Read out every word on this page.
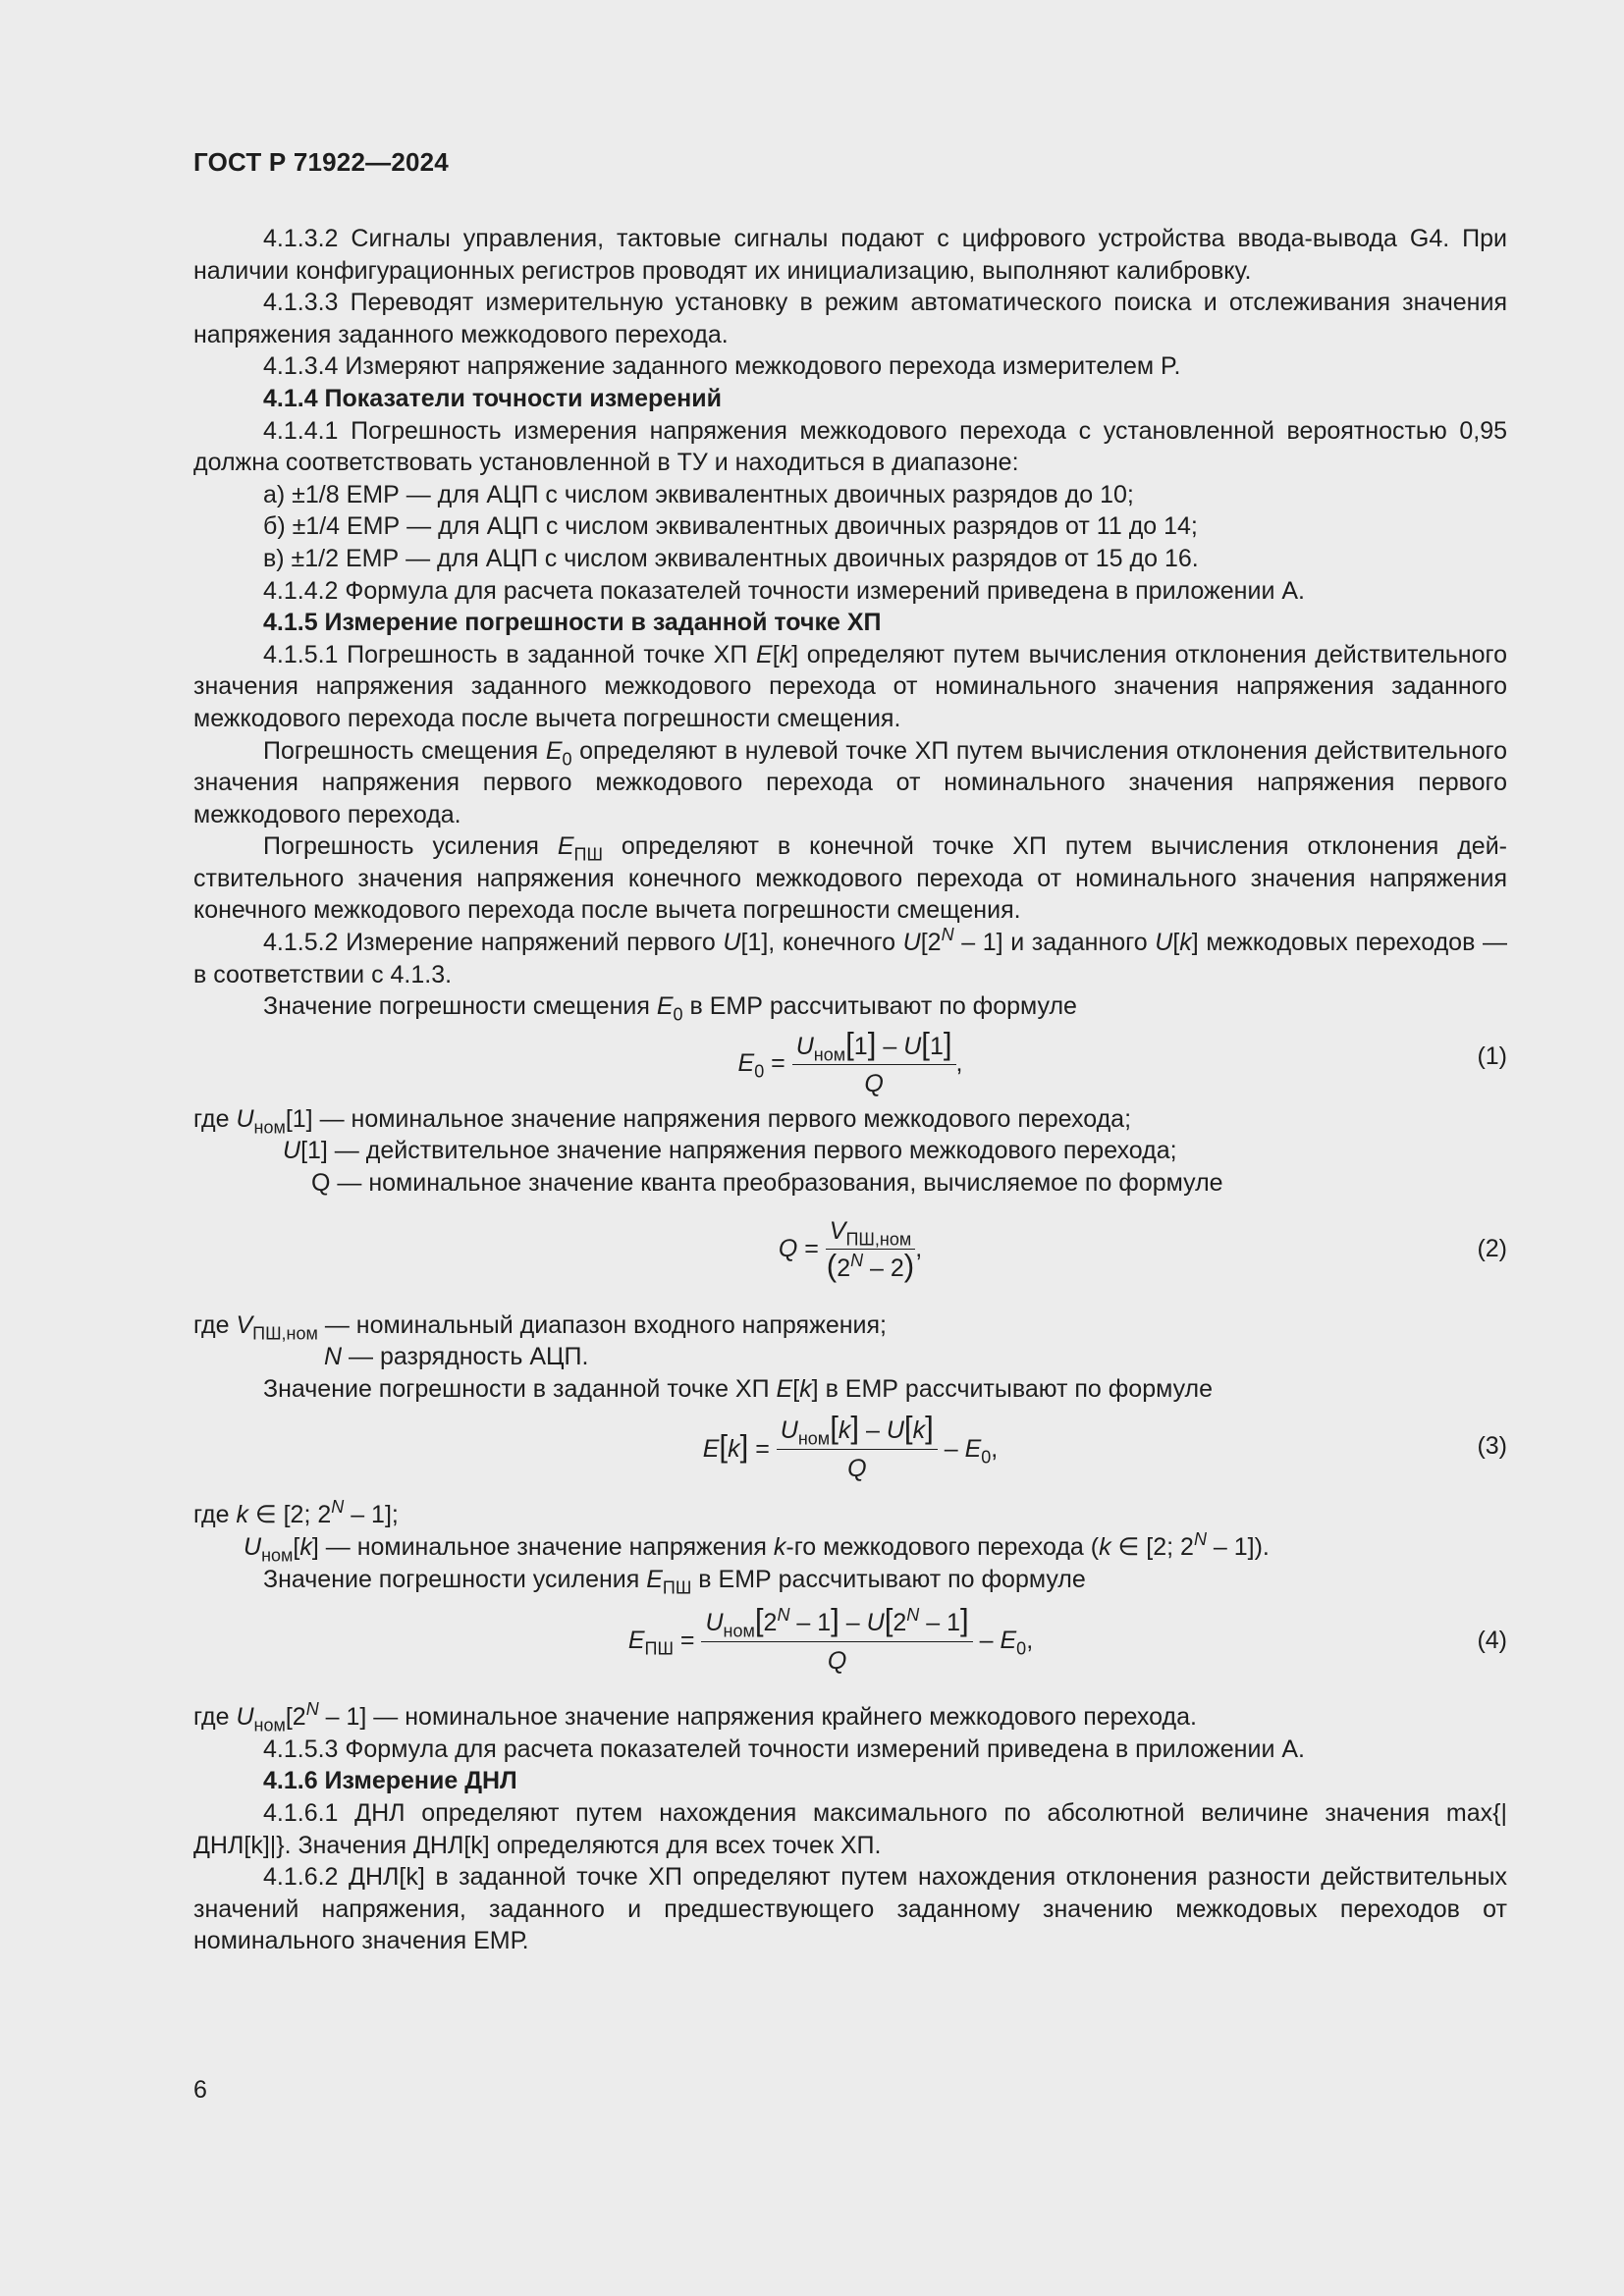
ГОСТ Р 71922—2024

4.1.3.2 Сигналы управления, тактовые сигналы подают с цифрового устройства ввода-вывода G4. При наличии конфигурационных регистров проводят их инициализацию, выполняют калибровку.

4.1.3.3 Переводят измерительную установку в режим автоматического поиска и отслеживания значения напряжения заданного межкодового перехода.

4.1.3.4 Измеряют напряжение заданного межкодового перехода измерителем P.

4.1.4 Показатели точности измерений

4.1.4.1 Погрешность измерения напряжения межкодового перехода с установленной вероятностью 0,95 должна соответствовать установленной в ТУ и находиться в диапазоне:

а) ±1/8 ЕМР — для АЦП с числом эквивалентных двоичных разрядов до 10;

б) ±1/4 ЕМР — для АЦП с числом эквивалентных двоичных разрядов от 11 до 14;

в) ±1/2 ЕМР — для АЦП с числом эквивалентных двоичных разрядов от 15 до 16.

4.1.4.2 Формула для расчета показателей точности измерений приведена в приложении А.

4.1.5 Измерение погрешности в заданной точке ХП

4.1.5.1 Погрешность в заданной точке ХП E[k] определяют путем вычисления отклонения действительного значения напряжения заданного межкодового перехода от номинального значения напряжения заданного межкодового перехода после вычета погрешности смещения.

Погрешность смещения $E_0$ определяют в нулевой точке ХП путем вычисления отклонения действительного значения напряжения первого межкодового перехода от номинального значения напряжения первого межкодового перехода.

Погрешность усиления $E_{ПШ}$ определяют в конечной точке ХП путем вычисления отклонения действительного значения напряжения конечного межкодового перехода от номинального значения напряжения конечного межкодового перехода после вычета погрешности смещения.

4.1.5.2 Измерение напряжений первого U[1], конечного $U[2^N - 1]$ и заданного U[k] межкодовых переходов — в соответствии с 4.1.3.

Значение погрешности смещения $E_0$ в ЕМР рассчитывают по формуле

$E_0 = \frac{U_{ном}[1] - U[1]}{Q}$ ,	(1)

где $U_{ном}[1]$ — номинальное значение напряжения первого межкодового перехода;

U[1] — действительное значение напряжения первого межкодового перехода;

Q — номинальное значение кванта преобразования, вычисляемое по формуле

$Q = \frac{V_{ПШ,ном}}{(2^N - 2)}$ ,	(2)

где $V_{ПШ,ном}$ — номинальный диапазон входного напряжения;

N — разрядность АЦП.

Значение погрешности в заданной точке ХП E[k] в ЕМР рассчитывают по формуле

$E[k] = \frac{U_{ном}[k] - U[k]}{Q} - E_0$,	(3)

где k ∈ [2; $2^N - 1$];

$U_{ном}[k]$ — номинальное значение напряжения k-го межкодового перехода (k ∈ [2; $2^N - 1$]).

Значение погрешности усиления $E_{ПШ}$ в ЕМР рассчитывают по формуле

$E_{ПШ} = \frac{U_{ном}[2^N - 1] - U[2^N - 1]}{Q} - E_0$,	(4)

где $U_{ном}[2^N - 1]$ — номинальное значение напряжения крайнего межкодового перехода.

4.1.5.3 Формула для расчета показателей точности измерений приведена в приложении А.

4.1.6 Измерение ДНЛ

4.1.6.1 ДНЛ определяют путем нахождения максимального по абсолютной величине значения max{|ДНЛ[k]|}. Значения ДНЛ[k] определяются для всех точек ХП.

4.1.6.2 ДНЛ[k] в заданной точке ХП определяют путем нахождения отклонения разности действительных значений напряжения, заданного и предшествующего заданному значению межкодовых переходов от номинального значения ЕМР.

6
